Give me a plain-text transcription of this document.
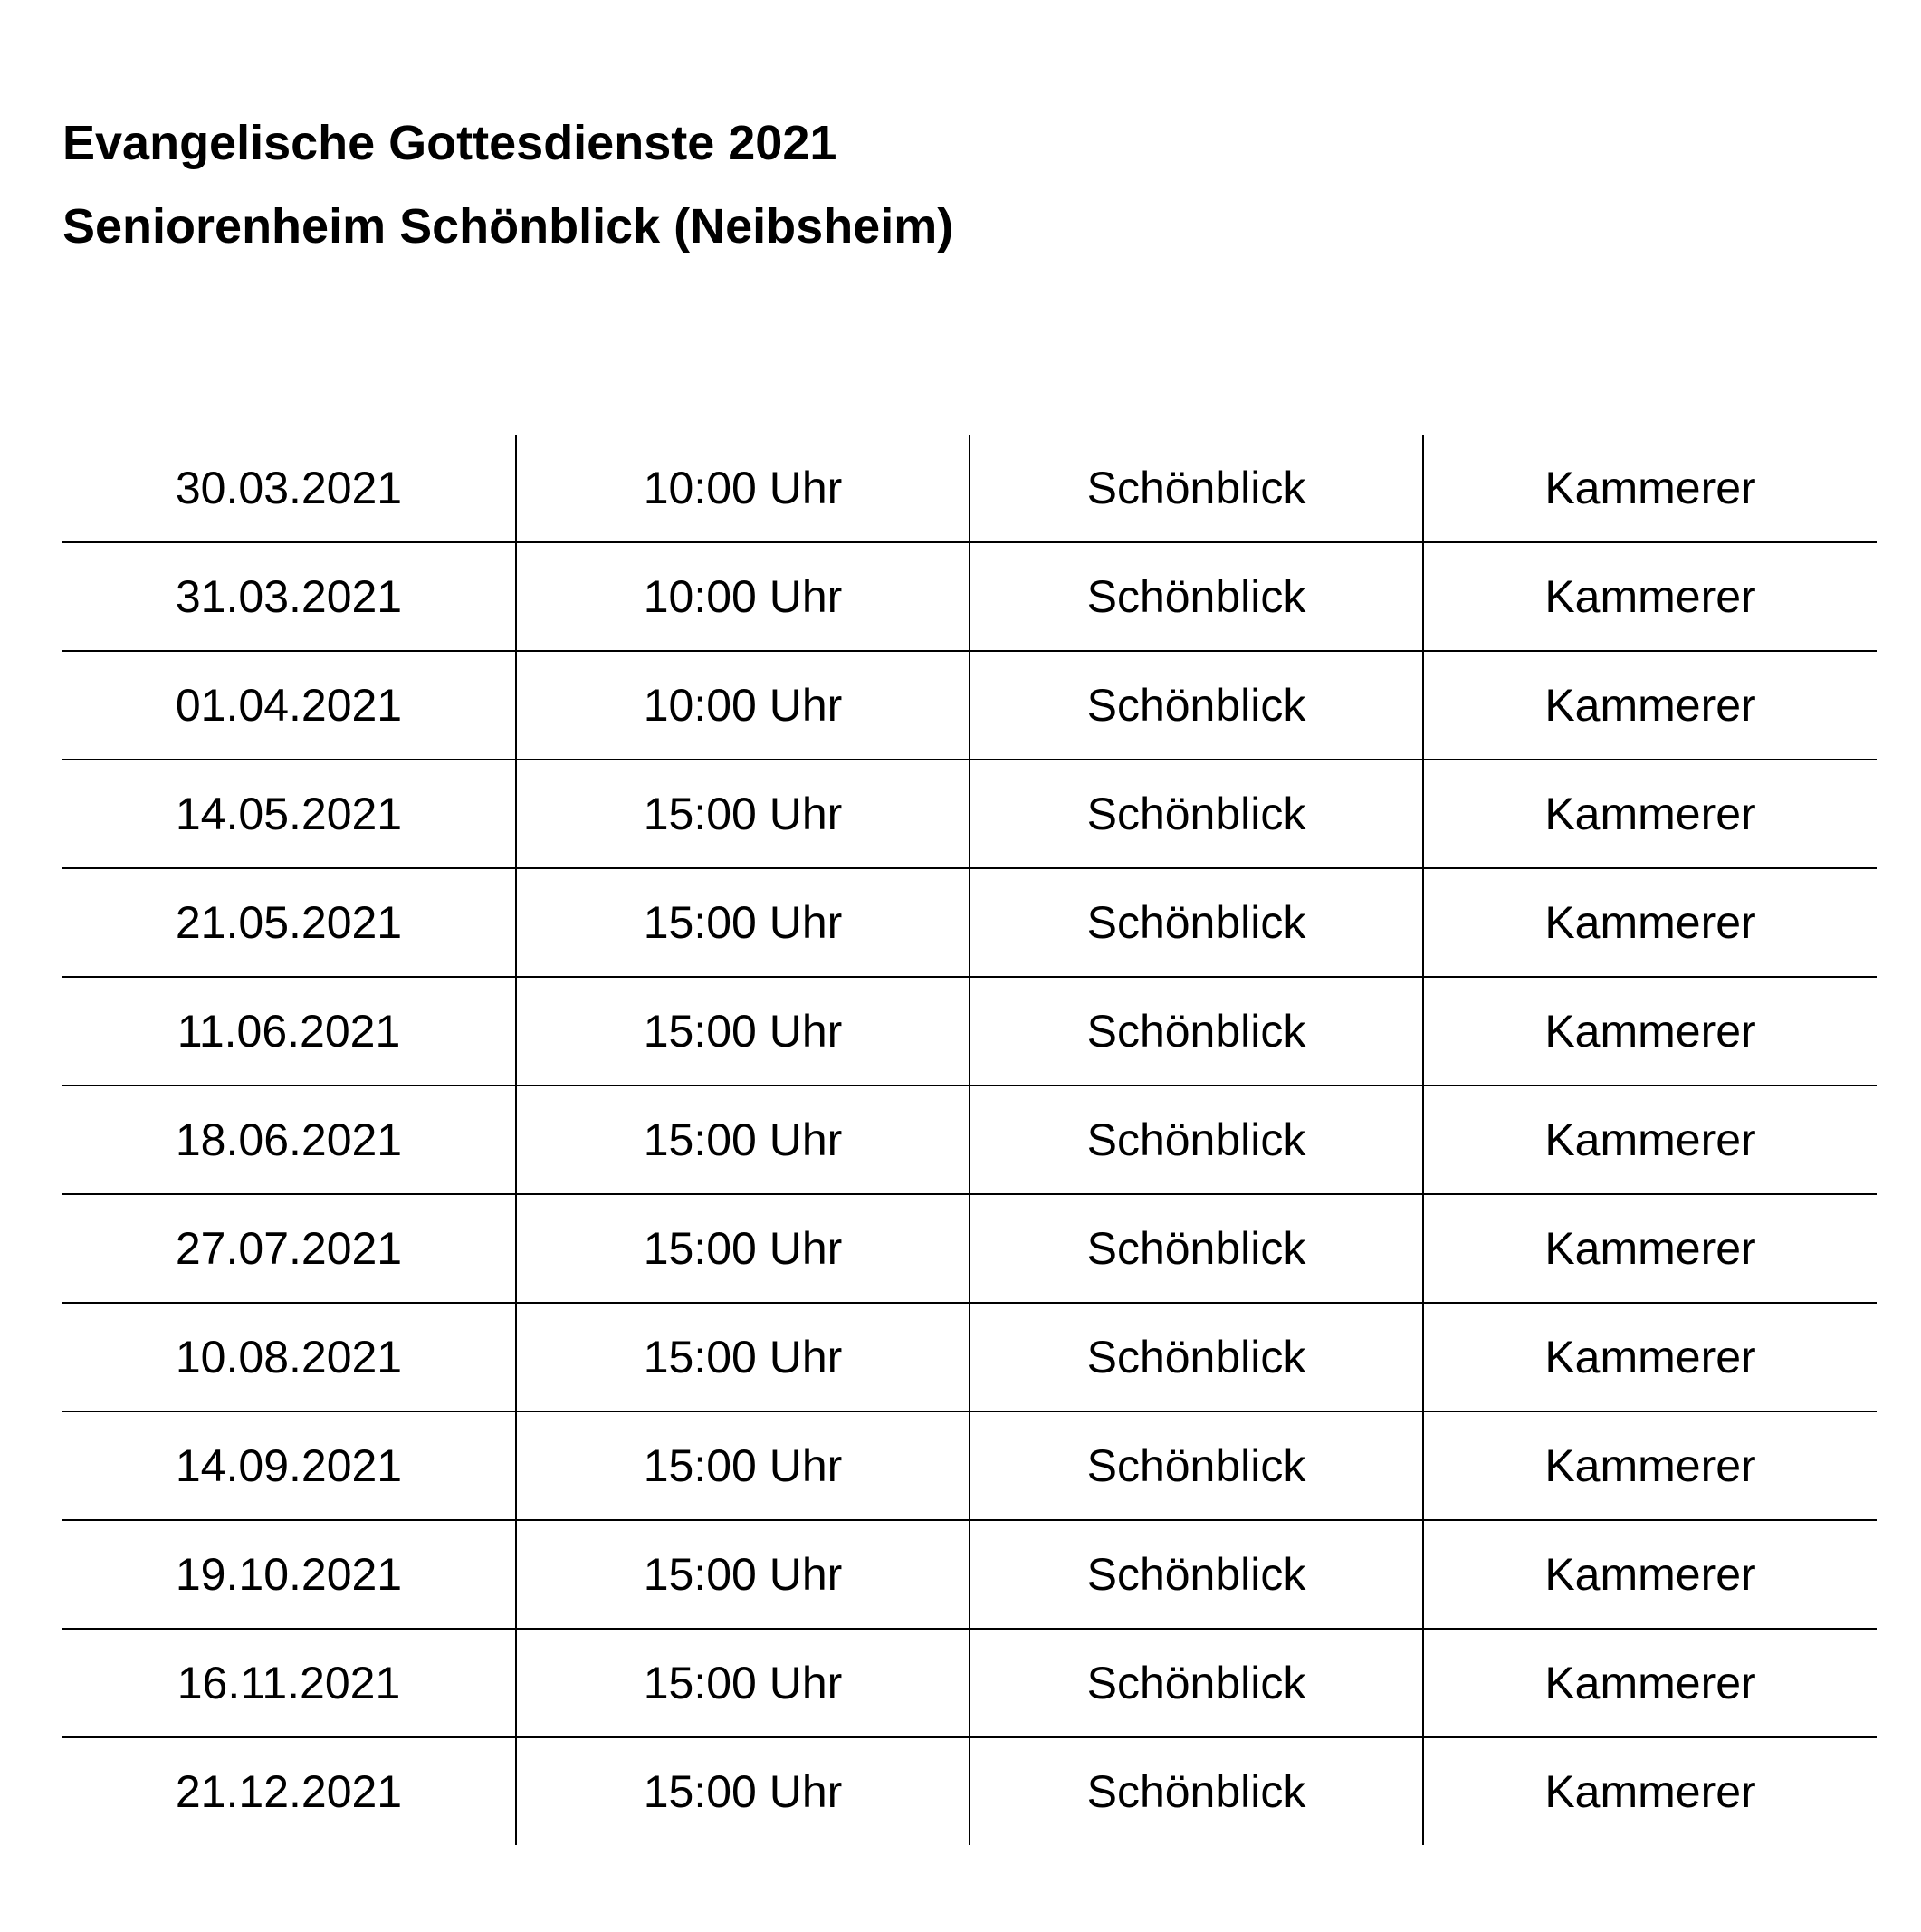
Evangelische Gottesdienste 2021
Seniorenheim Schönblick (Neibsheim)
30.03.2021	10:00 Uhr	Schönblick	Kammerer
31.03.2021	10:00 Uhr	Schönblick	Kammerer
01.04.2021	10:00 Uhr	Schönblick	Kammerer
14.05.2021	15:00 Uhr	Schönblick	Kammerer
21.05.2021	15:00 Uhr	Schönblick	Kammerer
11.06.2021	15:00 Uhr	Schönblick	Kammerer
18.06.2021	15:00 Uhr	Schönblick	Kammerer
27.07.2021	15:00 Uhr	Schönblick	Kammerer
10.08.2021	15:00 Uhr	Schönblick	Kammerer
14.09.2021	15:00 Uhr	Schönblick	Kammerer
19.10.2021	15:00 Uhr	Schönblick	Kammerer
16.11.2021	15:00 Uhr	Schönblick	Kammerer
21.12.2021	15:00 Uhr	Schönblick	Kammerer
